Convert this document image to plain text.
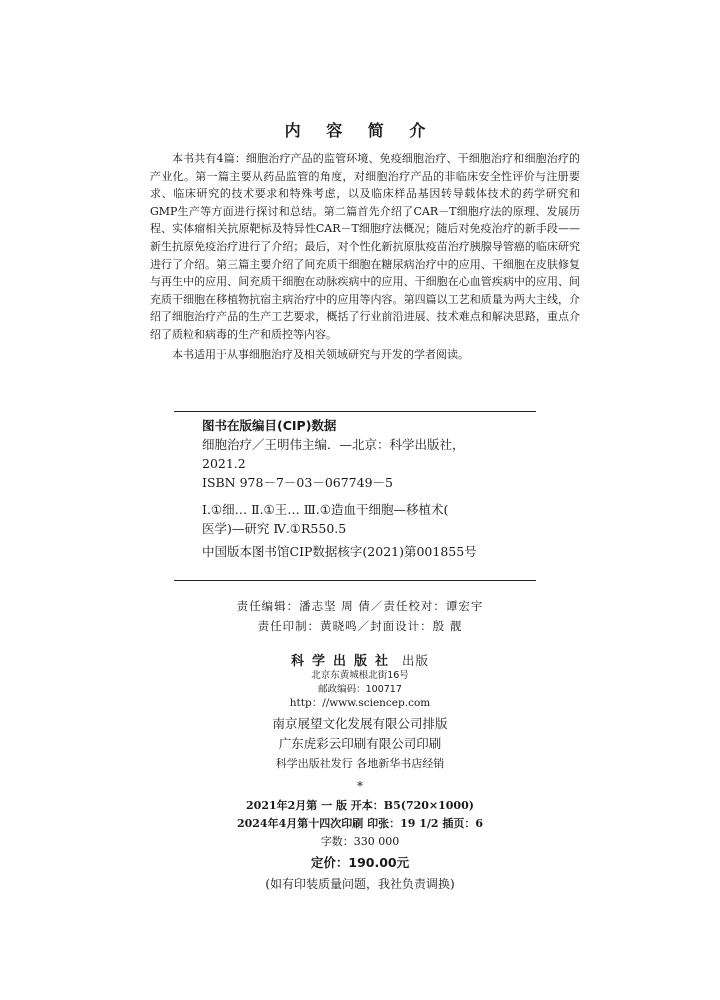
内 容 简 介

本书共有4篇：细胞治疗产品的监管环境、免疫细胞治疗、干细胞治疗和细胞治疗的产业化。第一篇主要从药品监管的角度，对细胞治疗产品的非临床安全性评价与注册要求、临床研究的技术要求和特殊考虑，以及临床样品基因转导载体技术的药学研究和GMP生产等方面进行探讨和总结。第二篇首先介绍了CAR－T细胞疗法的原理、发展历程、实体瘤相关抗原靶标及特异性CAR－T细胞疗法概况；随后对免疫治疗的新手段——新生抗原免疫治疗进行了介绍；最后，对个性化新抗原肽疫苗治疗胰腺导管癌的临床研究进行了介绍。第三篇主要介绍了间充质干细胞在糖尿病治疗中的应用、干细胞在皮肤修复与再生中的应用、间充质干细胞在动脉疾病中的应用、干细胞在心血管疾病中的应用、间充质干细胞在移植物抗宿主病治疗中的应用等内容。第四篇以工艺和质量为两大主线，介绍了细胞治疗产品的生产工艺要求，概括了行业前沿进展、技术难点和解决思路，重点介绍了质粒和病毒的生产和质控等内容。

本书适用于从事细胞治疗及相关领域研究与开发的学者阅读。

图书在版编目(CIP)数据
细胞治疗／王明伟主编．—北京：科学出版社，
2021.2
ISBN 978－7－03－067749－5
Ⅰ.①细… Ⅱ.①王… Ⅲ.①造血干细胞—移植术(
医学)—研究 Ⅳ.①R550.5
中国版本图书馆CIP数据核字(2021)第001855号
责任编辑：潘志坚 周 倩／责任校对：谭宏宇
责任印制：黄晓鸣／封面设计：殷 靓
科学出版社 出版
北京东黄城根北街16号
邮政编码：100717
http：//www.sciencep.com
南京展望文化发展有限公司排版
广东虎彩云印刷有限公司印刷
科学出版社发行 各地新华书店经销
*
2021年2月第 一 版 开本：B5(720×1000)
2024年4月第十四次印刷 印张：19 1/2 插页：6
字数：330 000
定价：190.00元
(如有印装质量问题，我社负责调换)
